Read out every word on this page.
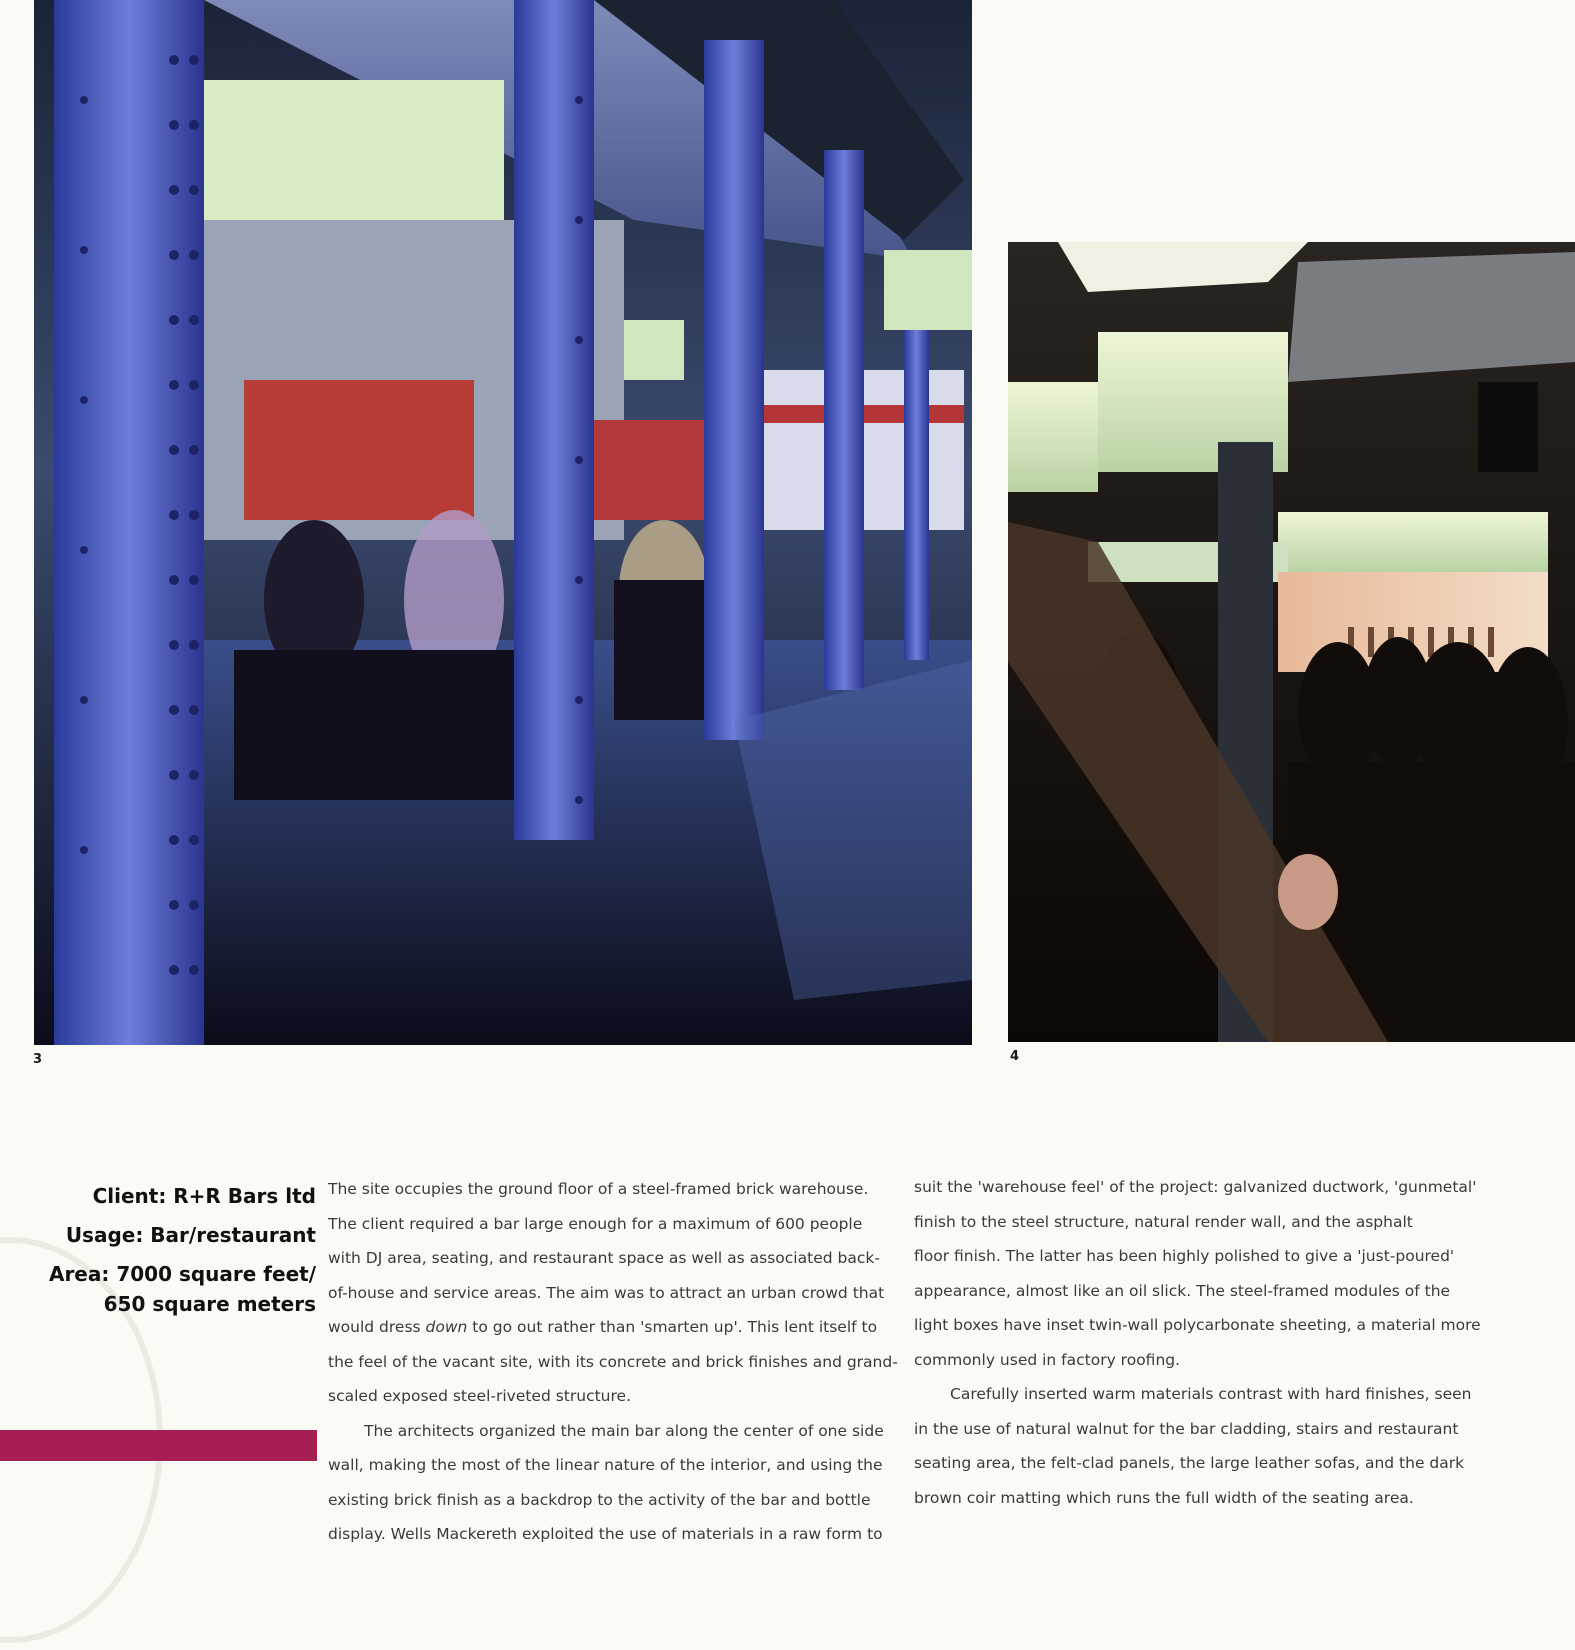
3	4
Client: R+R Bars ltd
Usage: Bar/restaurant
Area: 7000 square feet/
650 square meters
The site occupies the ground floor of a steel-framed brick warehouse.
The client required a bar large enough for a maximum of 600 people
with DJ area, seating, and restaurant space as well as associated back-
of-house and service areas. The aim was to attract an urban crowd that
would dress down to go out rather than 'smarten up'. This lent itself to
the feel of the vacant site, with its concrete and brick finishes and grand-
scaled exposed steel-riveted structure.
The architects organized the main bar along the center of one side
wall, making the most of the linear nature of the interior, and using the
existing brick finish as a backdrop to the activity of the bar and bottle
display. Wells Mackereth exploited the use of materials in a raw form to
suit the 'warehouse feel' of the project: galvanized ductwork, 'gunmetal'
finish to the steel structure, natural render wall, and the asphalt
floor finish. The latter has been highly polished to give a 'just-poured'
appearance, almost like an oil slick. The steel-framed modules of the
light boxes have inset twin-wall polycarbonate sheeting, a material more
commonly used in factory roofing.
Carefully inserted warm materials contrast with hard finishes, seen
in the use of natural walnut for the bar cladding, stairs and restaurant
seating area, the felt-clad panels, the large leather sofas, and the dark
brown coir matting which runs the full width of the seating area.
